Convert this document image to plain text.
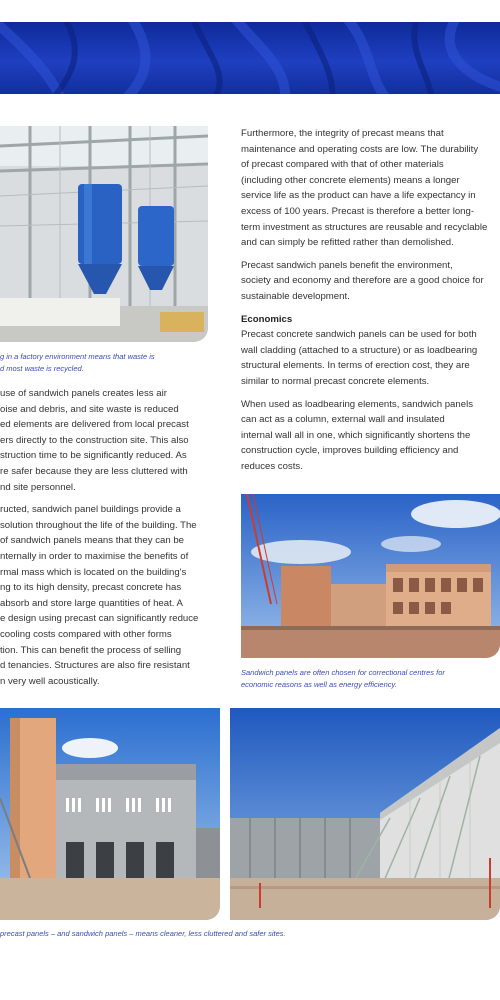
g in a factory environment means that waste is
d most waste is recycled.

use of sandwich panels creates less air
oise and debris, and site waste is reduced
ed elements are delivered from local precast
ers directly to the construction site. This also
struction time to be significantly reduced. As
re safer because they are less cluttered with
nd site personnel.

ructed, sandwich panel buildings provide a
solution throughout the life of the building. The
of sandwich panels means that they can be
nternally in order to maximise the benefits of
rmal mass which is located on the building's
ng to its high density, precast concrete has
absorb and store large quantities of heat. A
e design using precast can significantly reduce
cooling costs compared with other forms
tion. This can benefit the process of selling
d tenancies. Structures are also fire resistant
n very well acoustically.

Furthermore, the integrity of precast means that
maintenance and operating costs are low. The durability
of precast compared with that of other materials
(including other concrete elements) means a longer
service life as the product can have a life expectancy in
excess of 100 years. Precast is therefore a better long-
term investment as structures are reusable and recyclable
and can simply be refitted rather than demolished.

Precast sandwich panels benefit the environment,
society and economy and therefore are a good choice for
sustainable development.

Economics
Precast concrete sandwich panels can be used for both
wall cladding (attached to a structure) or as loadbearing
structural elements. In terms of erection cost, they are
similar to normal precast concrete elements.

When used as loadbearing elements, sandwich panels
can act as a column, external wall and insulated
internal wall all in one, which significantly shortens the
construction cycle, improves building efficiency and
reduces costs.

Sandwich panels are often chosen for correctional centres for
economic reasons as well as energy efficiency.
precast panels – and sandwich panels – means cleaner, less cluttered and safer sites.
